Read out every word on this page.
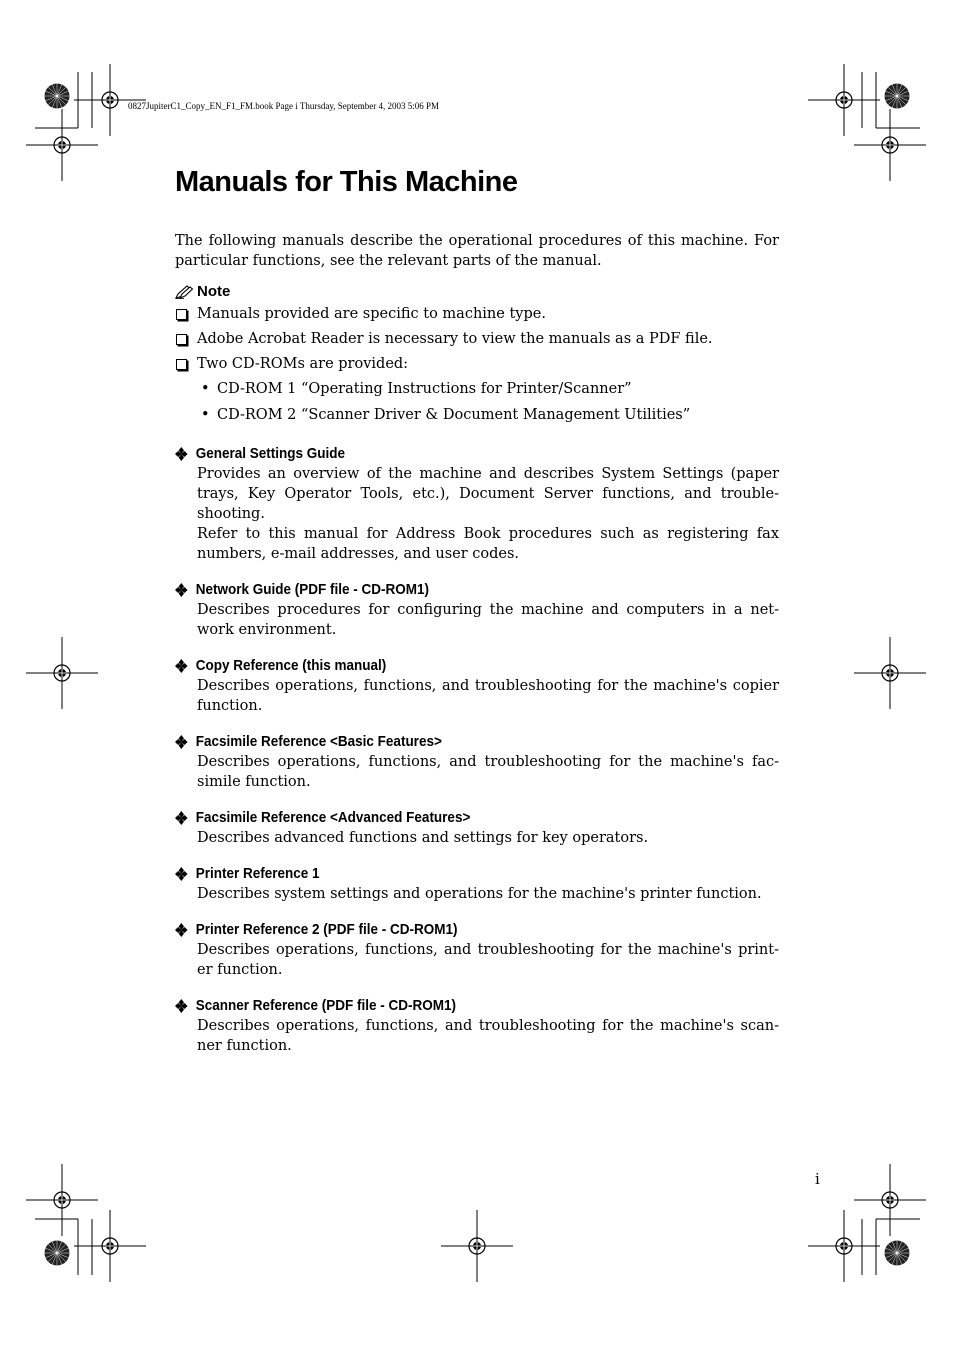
0827JupiterC1_Copy_EN_F1_FM.book Page i Thursday, September 4, 2003 5:06 PM
Manuals for This Machine

The following manuals describe the operational procedures of this machine. For particular functions, see the relevant parts of the manual.

Note
Manuals provided are specific to machine type.
Adobe Acrobat Reader is necessary to view the manuals as a PDF file.
Two CD-ROMs are provided:
• CD-ROM 1 “Operating Instructions for Printer/Scanner”
• CD-ROM 2 “Scanner Driver & Document Management Utilities”
General Settings Guide

Provides an overview of the machine and describes System Settings (paper trays, Key Operator Tools, etc.), Document Server functions, and trouble-shooting.

Refer to this manual for Address Book procedures such as registering fax numbers, e-mail addresses, and user codes.

Network Guide (PDF file - CD-ROM1)

Describes procedures for configuring the machine and computers in a net-work environment.

Copy Reference (this manual)

Describes operations, functions, and troubleshooting for the machine's copier function.

Facsimile Reference <Basic Features>

Describes operations, functions, and troubleshooting for the machine's fac-simile function.

Facsimile Reference <Advanced Features>

Describes advanced functions and settings for key operators.

Printer Reference 1

Describes system settings and operations for the machine's printer function.

Printer Reference 2 (PDF file - CD-ROM1)

Describes operations, functions, and troubleshooting for the machine's print-er function.

Scanner Reference (PDF file - CD-ROM1)

Describes operations, functions, and troubleshooting for the machine's scan-ner function.

i
